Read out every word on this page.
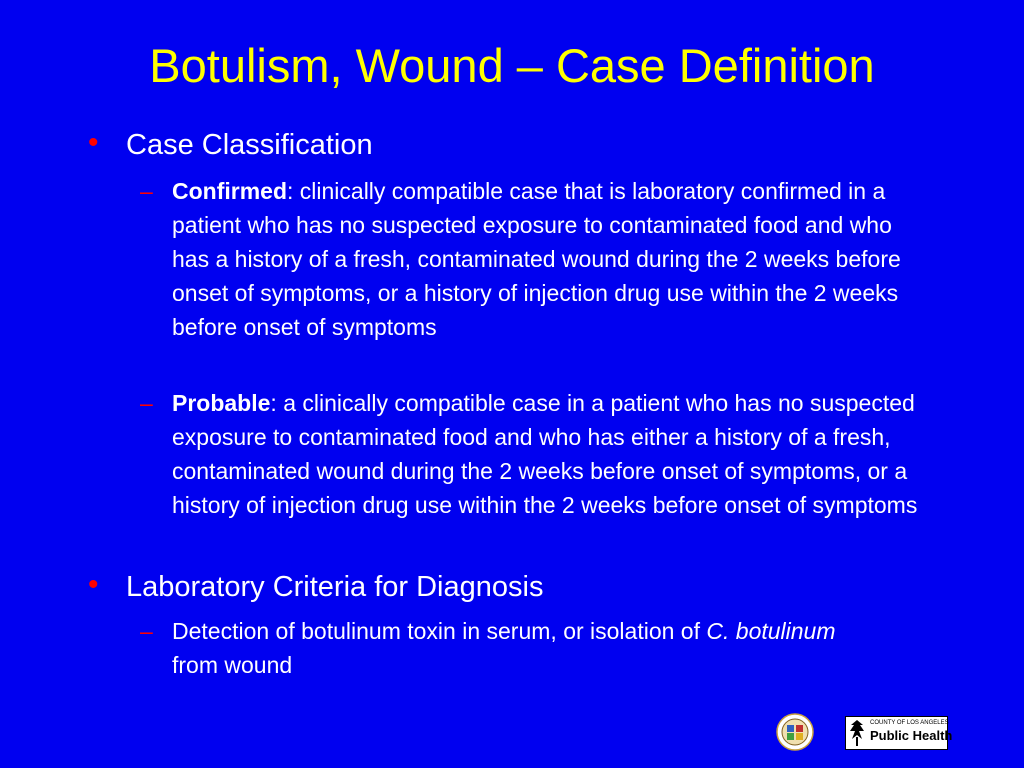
Botulism, Wound – Case Definition
• Case Classification
– Confirmed: clinically compatible case that is laboratory confirmed in a patient who has no suspected exposure to contaminated food and who has a history of a fresh, contaminated wound during the 2 weeks before onset of symptoms, or a history of injection drug use within the 2 weeks before onset of symptoms
– Probable: a clinically compatible case in a patient who has no suspected exposure to contaminated food and who has either a history of a fresh, contaminated wound during the 2 weeks before onset of symptoms, or a history of injection drug use within the 2 weeks before onset of symptoms
• Laboratory Criteria for Diagnosis
– Detection of botulinum toxin in serum, or isolation of C. botulinum from wound
COUNTY OF LOS ANGELES
Public Health
